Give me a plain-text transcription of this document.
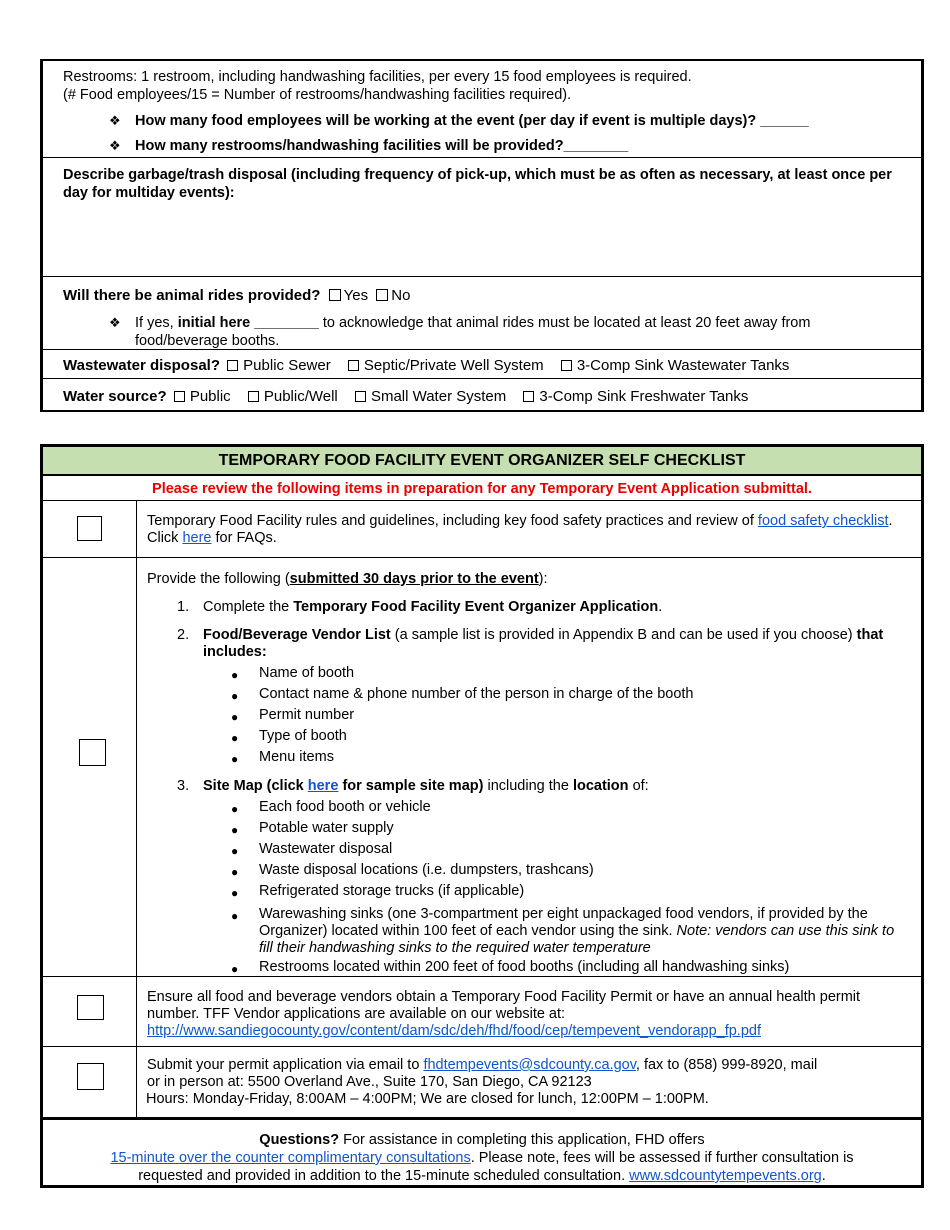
Restrooms: 1 restroom, including handwashing facilities, per every 15 food employees is required.
(# Food employees/15 = Number of restrooms/handwashing facilities required).
❖ How many food employees will be working at the event (per day if event is multiple days)? ______
❖ How many restrooms/handwashing facilities will be provided?________
Describe garbage/trash disposal (including frequency of pick-up, which must be as often as necessary, at least once per day for multiday events):
Will there be animal rides provided? Yes No
❖ If yes, initial here ________ to acknowledge that animal rides must be located at least 20 feet away from food/beverage booths.
Wastewater disposal? Public Sewer Septic/Private Well System 3-Comp Sink Wastewater Tanks
Water source? Public Public/Well Small Water System 3-Comp Sink Freshwater Tanks
TEMPORARY FOOD FACILITY EVENT ORGANIZER SELF CHECKLIST
Please review the following items in preparation for any Temporary Event Application submittal.
Temporary Food Facility rules and guidelines, including key food safety practices and review of food safety checklist.
Click here for FAQs.
Provide the following (submitted 30 days prior to the event):
1. Complete the Temporary Food Facility Event Organizer Application.
2. Food/Beverage Vendor List (a sample list is provided in Appendix B and can be used if you choose) that
includes:
● Name of booth
● Contact name & phone number of the person in charge of the booth
● Permit number
● Type of booth
● Menu items
3. Site Map (click here for sample site map) including the location of:
● Each food booth or vehicle
● Potable water supply
● Wastewater disposal
● Waste disposal locations (i.e. dumpsters, trashcans)
● Refrigerated storage trucks (if applicable)
● Warewashing sinks (one 3-compartment per eight unpackaged food vendors, if provided by the
Organizer) located within 100 feet of each vendor using the sink. Note: vendors can use this sink to fill their handwashing sinks to the required water temperature
● Restrooms located within 200 feet of food booths (including all handwashing sinks)
Ensure all food and beverage vendors obtain a Temporary Food Facility Permit or have an annual health permit
number. TFF Vendor applications are available on our website at:
http://www.sandiegocounty.gov/content/dam/sdc/deh/fhd/food/cep/tempevent_vendorapp_fp.pdf
Submit your permit application via email to fhdtempevents@sdcounty.ca.gov, fax to (858) 999-8920, mail
or in person at: 5500 Overland Ave., Suite 170, San Diego, CA 92123
Hours: Monday-Friday, 8:00AM – 4:00PM; We are closed for lunch, 12:00PM – 1:00PM.
Questions? For assistance in completing this application, FHD offers
15-minute over the counter complimentary consultations. Please note, fees will be assessed if further consultation is
requested and provided in addition to the 15-minute scheduled consultation. www.sdcountytempevents.org.
